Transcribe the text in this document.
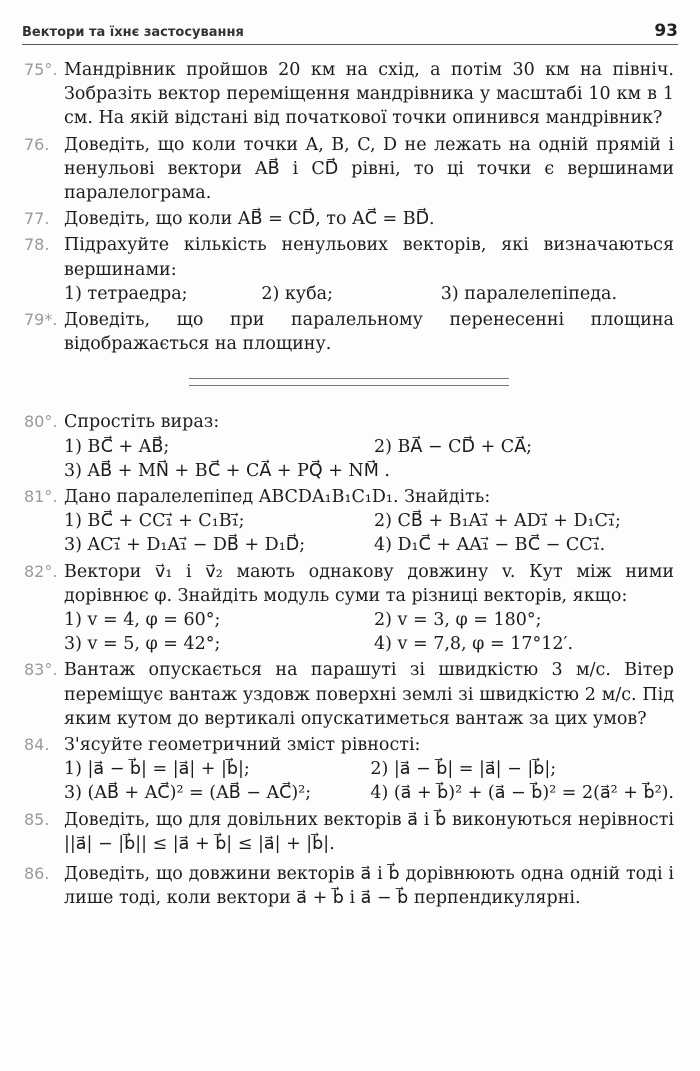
Вектори та їхнє застосування	93
75°. Мандрівник пройшов 20 км на схід, а потім 30 км на північ. Зобразіть вектор переміщення мандрівника у масштабі 10 км в 1 см. На якій відстані від початкової точки опинився мандрівник?
76. Доведіть, що коли точки A, B, C, D не лежать на одній прямій і ненульові вектори AB⃗ і CD⃗ рівні, то ці точки є вершинами паралелограма.
77. Доведіть, що коли AB⃗ = CD⃗, то AC⃗ = BD⃗.
78. Підрахуйте кількість ненульових векторів, які визначаються вершинами:
1) тетраедра;	2) куба;	3) паралелепіпеда.
79*. Доведіть, що при паралельному перенесенні площина відображається на площину.
80°. Спростіть вираз:
1) BC⃗ + AB⃗;	2) BA⃗ − CD⃗ + CA⃗;
3) AB⃗ + MN⃗ + BC⃗ + CA⃗ + PQ⃗ + NM⃗ .
81°. Дано паралелепіпед ABCDA₁B₁C₁D₁. Знайдіть:
1) BC⃗ + CC₁⃗ + C₁B₁⃗;	2) CB⃗ + B₁A₁⃗ + AD₁⃗ + D₁C₁⃗;
3) AC₁⃗ + D₁A₁⃗ − DB⃗ + D₁D⃗;	4) D₁C⃗ + AA₁⃗ − BC⃗ − CC₁⃗.
82°. Вектори v⃗₁ і v⃗₂ мають однакову довжину v. Кут між ними дорівнює φ. Знайдіть модуль суми та різниці векторів, якщо:
1) v = 4, φ = 60°;	2) v = 3, φ = 180°;
3) v = 5, φ = 42°;	4) v = 7,8, φ = 17°12′.
83°. Вантаж опускається на парашуті зі швидкістю 3 м/с. Вітер переміщує вантаж уздовж поверхні землі зі швидкістю 2 м/с. Під яким кутом до вертикалі опускатиметься вантаж за цих умов?
84. З'ясуйте геометричний зміст рівності:
1) |a⃗ − b⃗| = |a⃗| + |b⃗|;	2) |a⃗ − b⃗| = |a⃗| − |b⃗|;
3) (AB⃗ + AC⃗)² = (AB⃗ − AC⃗)²;	4) (a⃗ + b⃗)² + (a⃗ − b⃗)² = 2(a⃗² + b⃗²).
85. Доведіть, що для довільних векторів a⃗ і b⃗ виконуються нерівності ||a⃗| − |b⃗|| ≤ |a⃗ + b⃗| ≤ |a⃗| + |b⃗|.
86. Доведіть, що довжини векторів a⃗ і b⃗ дорівнюють одна одній тоді і лише тоді, коли вектори a⃗ + b⃗ і a⃗ − b⃗ перпендикулярні.
